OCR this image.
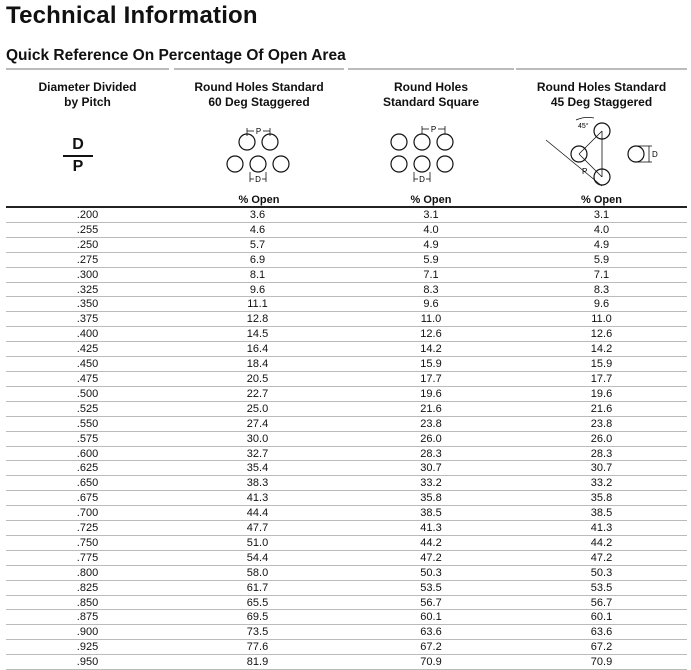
Technical Information
Quick Reference On Percentage Of Open Area
Diameter Divided
by Pitch
$\frac{D}{P}$
Round Holes Standard
60 Deg Staggered
P
D
% Open
Round Holes
Standard Square
P
D
% Open
Round Holes Standard
45 Deg Staggered
45°
P
D
% Open
.200	3.6	3.1	3.1
.255	4.6	4.0	4.0
.250	5.7	4.9	4.9
.275	6.9	5.9	5.9
.300	8.1	7.1	7.1
.325	9.6	8.3	8.3
.350	11.1	9.6	9.6
.375	12.8	11.0	11.0
.400	14.5	12.6	12.6
.425	16.4	14.2	14.2
.450	18.4	15.9	15.9
.475	20.5	17.7	17.7
.500	22.7	19.6	19.6
.525	25.0	21.6	21.6
.550	27.4	23.8	23.8
.575	30.0	26.0	26.0
.600	32.7	28.3	28.3
.625	35.4	30.7	30.7
.650	38.3	33.2	33.2
.675	41.3	35.8	35.8
.700	44.4	38.5	38.5
.725	47.7	41.3	41.3
.750	51.0	44.2	44.2
.775	54.4	47.2	47.2
.800	58.0	50.3	50.3
.825	61.7	53.5	53.5
.850	65.5	56.7	56.7
.875	69.5	60.1	60.1
.900	73.5	63.6	63.6
.925	77.6	67.2	67.2
.950	81.9	70.9	70.9
